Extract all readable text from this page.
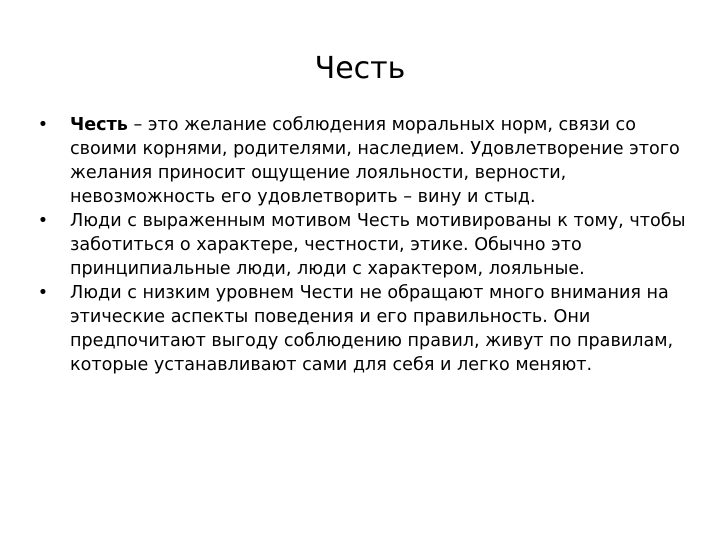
Честь
• Честь – это желание соблюдения моральных норм, связи со своими корнями, родителями, наследием. Удовлетворение этого желания приносит ощущение лояльности, верности, невозможность его удовлетворить – вину и стыд.
• Люди с выраженным мотивом Честь мотивированы к тому, чтобы заботиться о характере, честности, этике. Обычно это принципиальные люди, люди с характером, лояльные.
• Люди с низким уровнем Чести не обращают много внимания на этические аспекты поведения и его правильность. Они предпочитают выгоду соблюдению правил, живут по правилам, которые устанавливают сами для себя и легко меняют.
